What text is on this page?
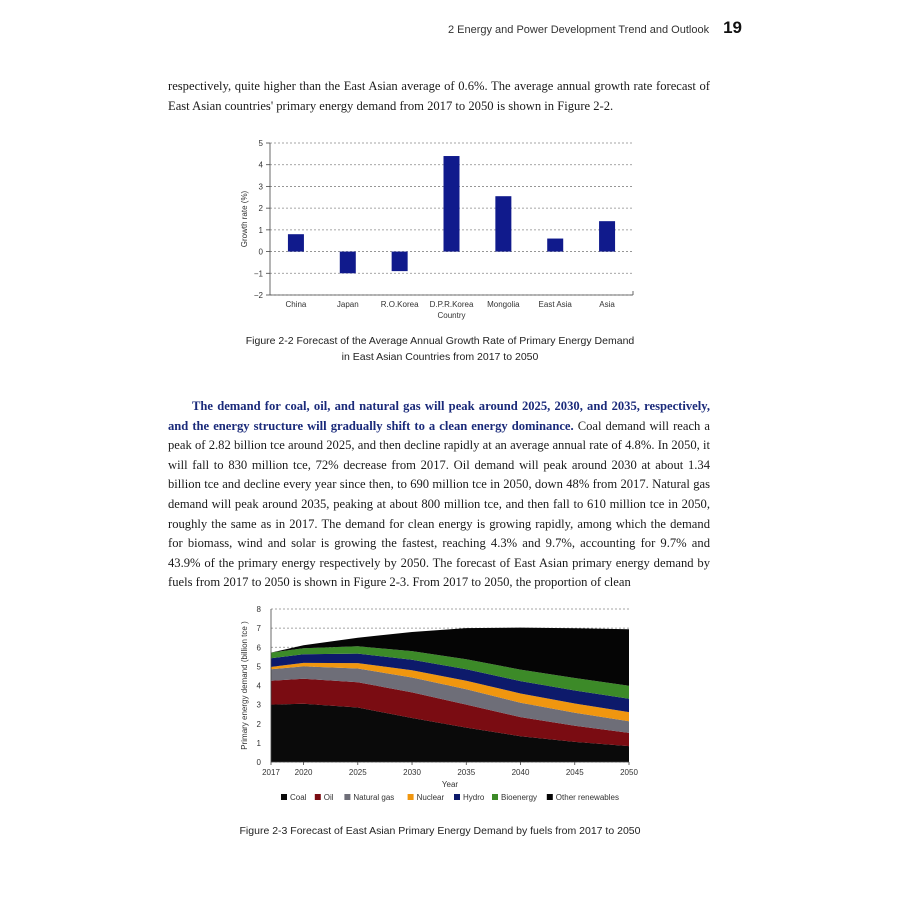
2 Energy and Power Development Trend and Outlook 19

respectively, quite higher than the East Asian average of 0.6%. The average annual growth rate forecast of East Asian countries' primary energy demand from 2017 to 2050 is shown in Figure 2-2.

5
4
3
2
1
0
−1
−2
China	Japan	R.O.Korea D.P.R.Korea Mongolia East Asia	Asia
Country
Growth rate (%)
Figure 2-2 Forecast of the Average Annual Growth Rate of Primary Energy Demand
in East Asian Countries from 2017 to 2050

The demand for coal, oil, and natural gas will peak around 2025, 2030, and 2035, respectively, and the energy structure will gradually shift to a clean energy dominance. Coal demand will reach a peak of 2.82 billion tce around 2025, and then decline rapidly at an average annual rate of 4.8%. In 2050, it will fall to 830 million tce, 72% decrease from 2017. Oil demand will peak around 2030 at about 1.34 billion tce and decline every year since then, to 690 million tce in 2050, down 48% from 2017. Natural gas demand will peak around 2035, peaking at about 800 million tce, and then fall to 610 million tce in 2050, roughly the same as in 2017. The demand for clean energy is growing rapidly, among which the demand for biomass, wind and solar is growing the fastest, reaching 4.3% and 9.7%, accounting for 9.7% and 43.9% of the primary energy respectively by 2050. The forecast of East Asian primary energy demand by fuels from 2017 to 2050 is shown in Figure 2-3. From 2017 to 2050, the proportion of clean

8
7
6
5
4
3
2
1
0
2017 2020	2025	2030	2035	2040	2045	2050
Year
Primary energy demand (billion tce )
Coal Oil Natural gas	Nuclear Hydro Bioenergy Other renewables
Figure 2-3 Forecast of East Asian Primary Energy Demand by fuels from 2017 to 2050
